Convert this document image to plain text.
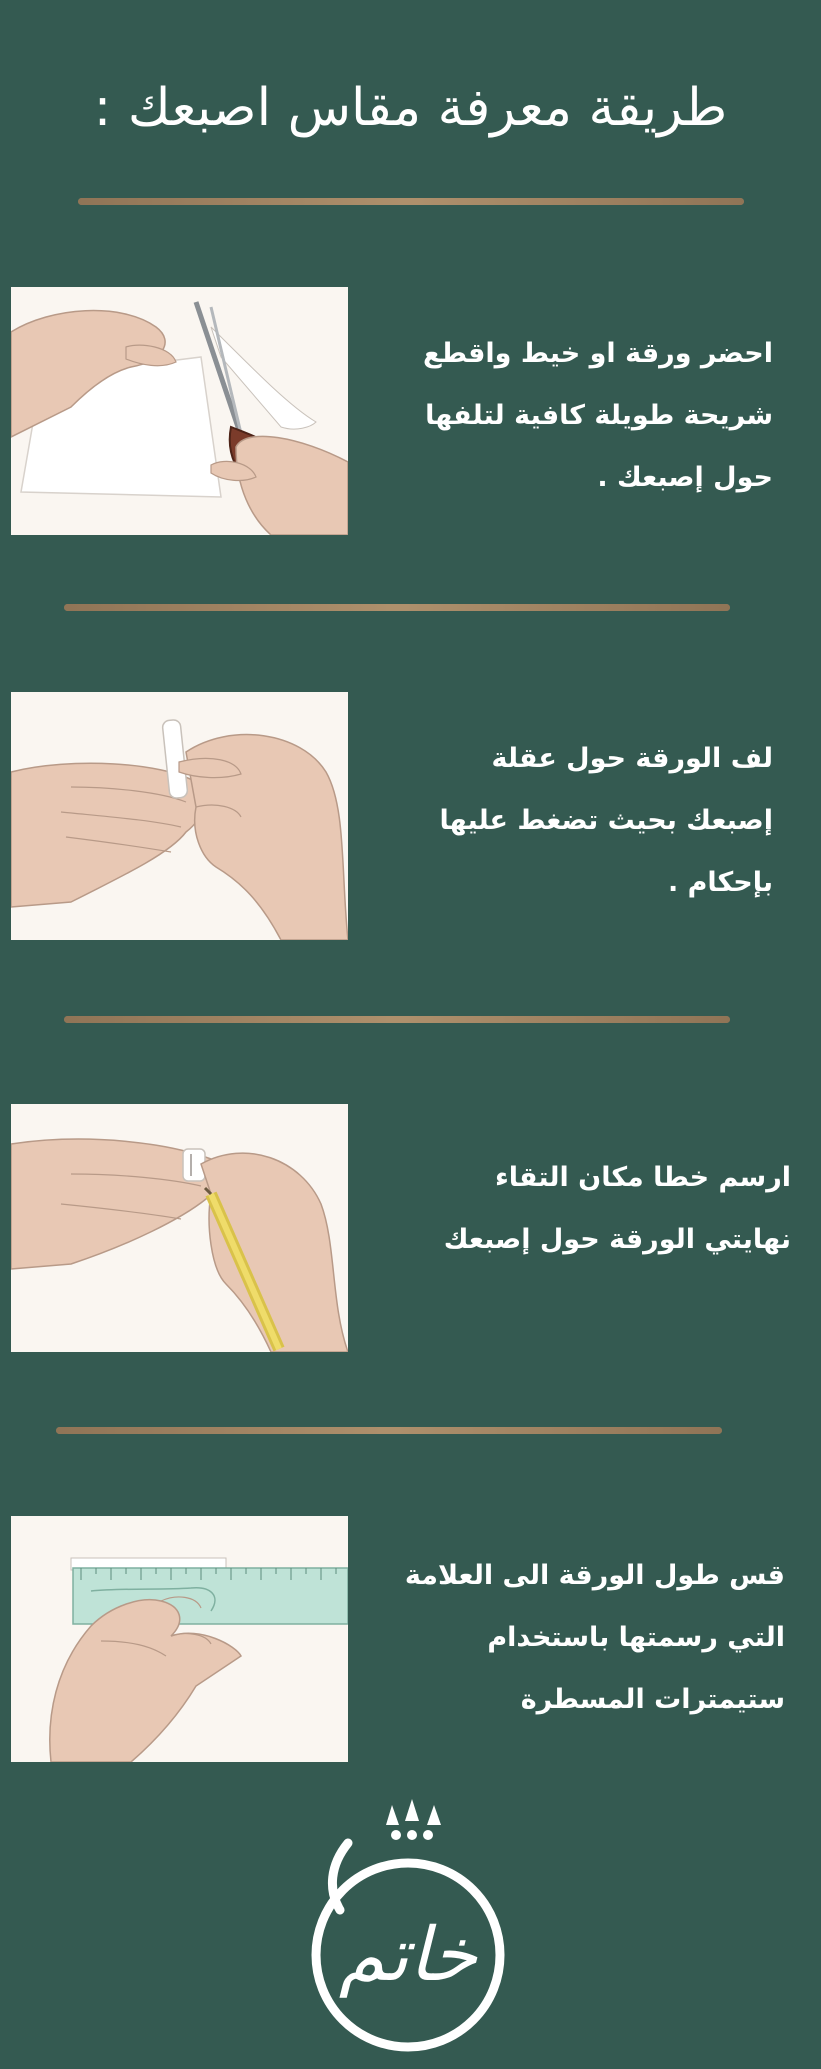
طريقة معرفة مقاس اصبعك :
احضر ورقة او خيط واقطع
شريحة طويلة كافية لتلفها
حول إصبعك .
لف الورقة حول عقلة
إصبعك بحيث تضغط عليها
بإحكام .
ارسم خطا مكان التقاء
نهايتي الورقة حول إصبعك
قس طول الورقة الى العلامة
التي رسمتها باستخدام
ستيمترات المسطرة
خاتم
